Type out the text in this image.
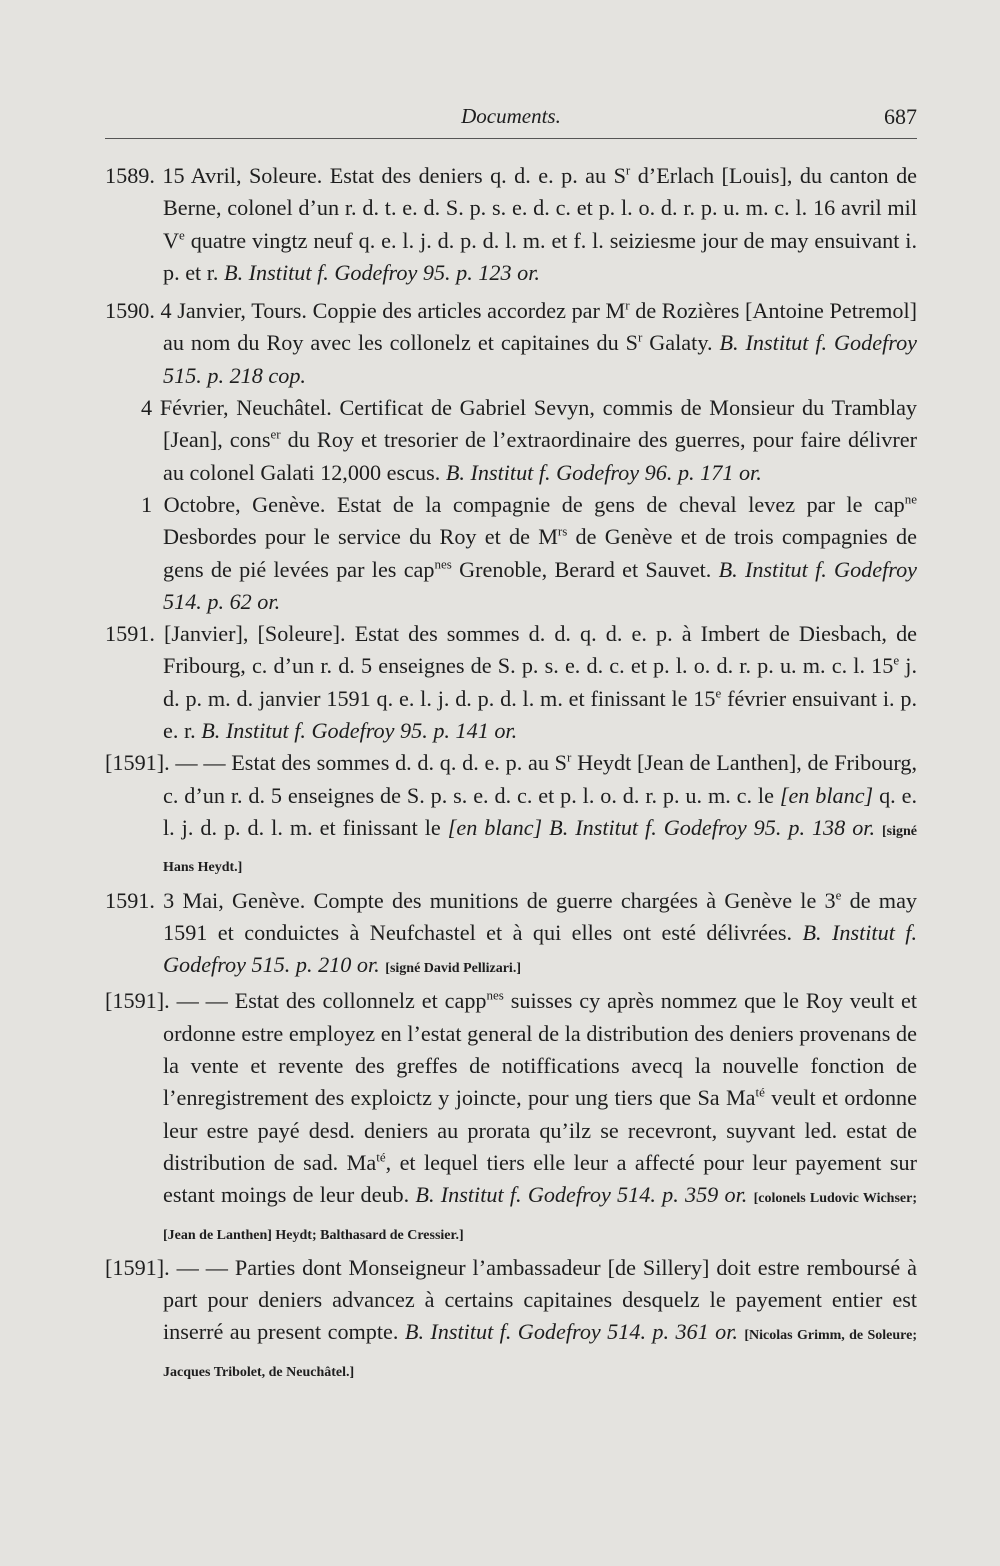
Documents.	687

1589. 15 Avril, Soleure. Estat des deniers q. d. e. p. au $S^r$ d’Erlach [Louis], du canton de Berne, colonel d’un r. d. t. e. d. S. p. s. e. d. c. et p. l. o. d. r. p. u. m. c. l. 16 avril mil Ve quatre vingtz neuf q. e. l. j. d. p. d. l. m. et f. l. seiziesme jour de may ensuivant i. p. et r. B. Institut f. Godefroy 95. p. 123 or.

1590. 4 Janvier, Tours. Coppie des articles accordez par $M^r$ de Rozières [Antoine Petremol] au nom du Roy avec les collonelz et capitaines du $S^r$ Galaty. B. Institut f. Godefroy 515. p. 218 cop.

4 Février, Neuchâtel. Certificat de Gabriel Sevyn, commis de Monsieur du Tramblay [Jean], cons$^{er}$ du Roy et tresorier de l’extraordinaire des guerres, pour faire délivrer au colonel Galati 12,000 escus. B. Institut f. Godefroy 96. p. 171 or.

1 Octobre, Genève. Estat de la compagnie de gens de cheval levez par le cap$^{ne}$ Desbordes pour le service du Roy et de $M^{rs}$ de Genève et de trois compagnies de gens de pié levées par les cap$^{nes}$ Grenoble, Berard et Sauvet. B. Institut f. Godefroy 514. p. 62 or.

1591. [Janvier], [Soleure]. Estat des sommes d. d. q. d. e. p. à Imbert de Diesbach, de Fribourg, c. d’un r. d. 5 enseignes de S. p. s. e. d. c. et p. l. o. d. r. p. u. m. c. l. 15e j. d. p. m. d. janvier 1591 q. e. l. j. d. p. d. l. m. et finissant le 15e février ensuivant i. p. e. r. B. Institut f. Godefroy 95. p. 141 or.

[1591]. — — Estat des sommes d. d. q. d. e. p. au $S^r$ Heydt [Jean de Lanthen], de Fribourg, c. d’un r. d. 5 enseignes de S. p. s. e. d. c. et p. l. o. d. r. p. u. m. c. le [en blanc] q. e. l. j. d. p. d. l. m. et finissant le [en blanc] B. Institut f. Godefroy 95. p. 138 or. [signé Hans Heydt.]

1591. 3 Mai, Genève. Compte des munitions de guerre chargées à Genève le 3e de may 1591 et conduictes à Neufchastel et à qui elles ont esté délivrées. B. Institut f. Godefroy 515. p. 210 or. [signé David Pellizari.]

[1591]. — — Estat des collonnelz et capp$^{nes}$ suisses cy après nommez que le Roy veult et ordonne estre employez en l’estat general de la distribution des deniers provenans de la vente et revente des greffes de notiffications avecq la nouvelle fonction de l’enregistrement des exploictz y joincte, pour ung tiers que Sa $Ma^{té}$ veult et ordonne leur estre payé desd. deniers au prorata qu’ilz se recevront, suyvant led. estat de distribution de sad. $Ma^{té}$, et lequel tiers elle leur a affecté pour leur payement sur estant moings de leur deub. B. Institut f. Godefroy 514. p. 359 or. [colonels Ludovic Wichser; [Jean de Lanthen] Heydt; Balthasard de Cressier.]

[1591]. — — Parties dont Monseigneur l’ambassadeur [de Sillery] doit estre remboursé à part pour deniers advancez à certains capitaines desquelz le payement entier est inserré au present compte. B. Institut f. Godefroy 514. p. 361 or. [Nicolas Grimm, de Soleure; Jacques Tribolet, de Neuchâtel.]
